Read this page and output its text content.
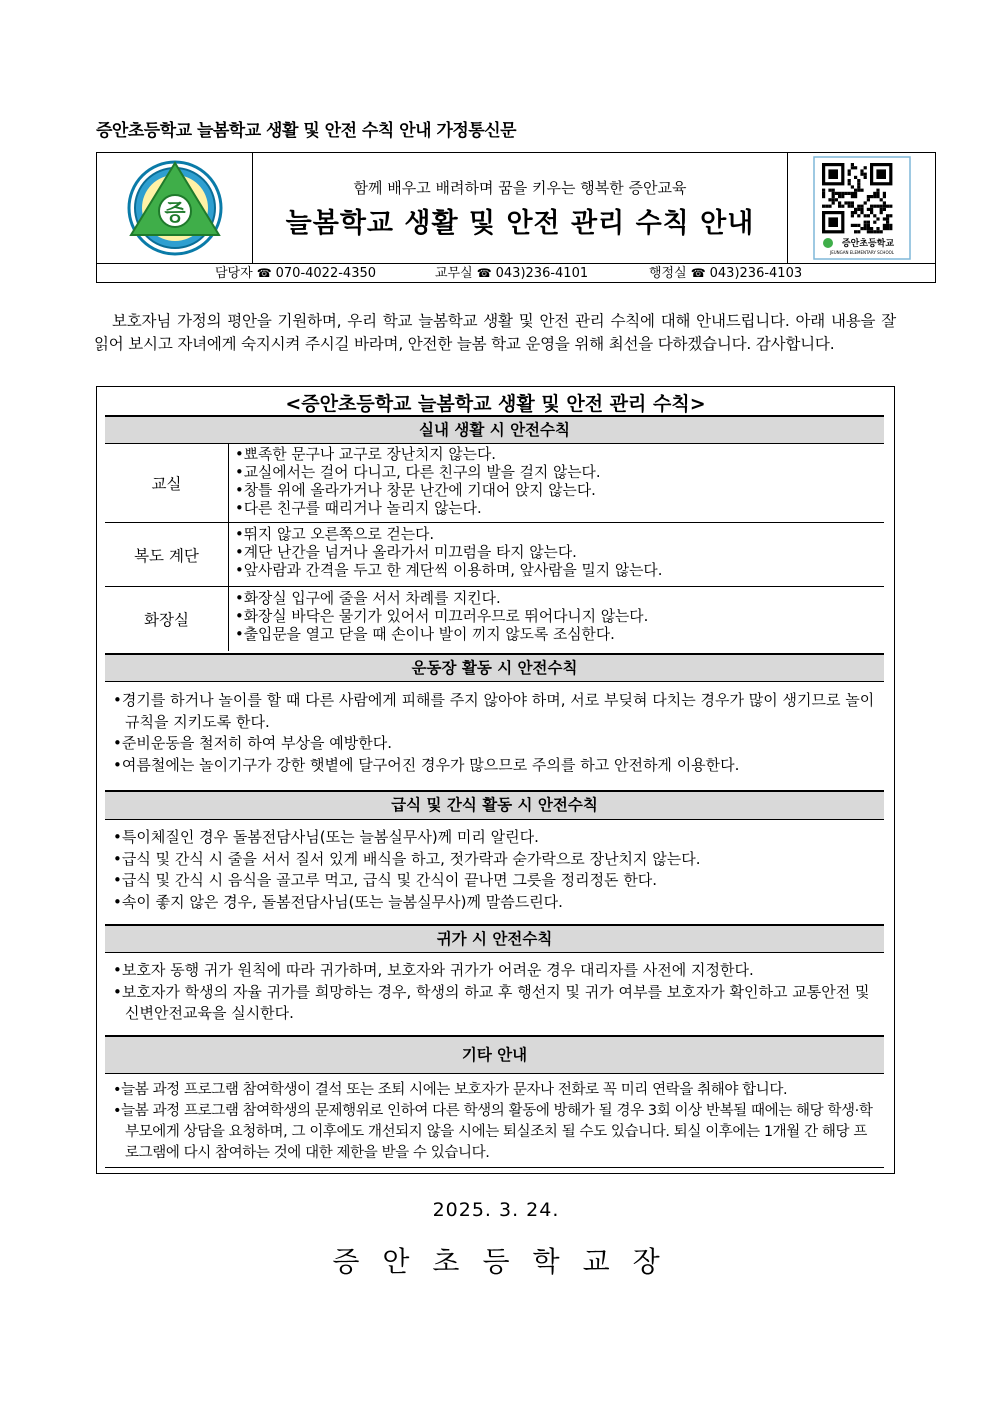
증안초등학교 늘봄학교 생활 및 안전 수칙 안내 가정통신문
증
함께 배우고 배려하며 꿈을 키우는 행복한 증안교육
늘봄학교 생활 및 안전 관리 수칙 안내
증안초등학교
JEUNGAN ELEMENTARY SCHOOL
담당자 ☎ 070-4022-4350	교무실 ☎ 043)236-4101	행정실 ☎ 043)236-4103
보호자님 가정의 평안을 기원하며, 우리 학교 늘봄학교 생활 및 안전 관리 수칙에 대해 안내드립니다. 아래 내용을 잘 읽어 보시고 자녀에게 숙지시켜 주시길 바라며, 안전한 늘봄 학교 운영을 위해 최선을 다하겠습니다. 감사합니다.
<증안초등학교 늘봄학교 생활 및 안전 관리 수칙>
실내 생활 시 안전수칙
교실
•뾰족한 문구나 교구로 장난치지 않는다.
•교실에서는 걸어 다니고, 다른 친구의 발을 걸지 않는다.
•창틀 위에 올라가거나 창문 난간에 기대어 앉지 않는다.
•다른 친구를 때리거나 놀리지 않는다.
복도 계단
•뛰지 않고 오른쪽으로 걷는다.
•계단 난간을 넘거나 올라가서 미끄럼을 타지 않는다.
•앞사람과 간격을 두고 한 계단씩 이용하며, 앞사람을 밀지 않는다.
화장실
•화장실 입구에 줄을 서서 차례를 지킨다.
•화장실 바닥은 물기가 있어서 미끄러우므로 뛰어다니지 않는다.
•출입문을 열고 닫을 때 손이나 발이 끼지 않도록 조심한다.
운동장 활동 시 안전수칙
•경기를 하거나 놀이를 할 때 다른 사람에게 피해를 주지 않아야 하며, 서로 부딪혀 다치는 경우가 많이 생기므로 놀이규칙을 지키도록 한다.
•준비운동을 철저히 하여 부상을 예방한다.
•여름철에는 놀이기구가 강한 햇볕에 달구어진 경우가 많으므로 주의를 하고 안전하게 이용한다.
급식 및 간식 활동 시 안전수칙
•특이체질인 경우 돌봄전담사님(또는 늘봄실무사)께 미리 알린다.
•급식 및 간식 시 줄을 서서 질서 있게 배식을 하고, 젓가락과 숟가락으로 장난치지 않는다.
•급식 및 간식 시 음식을 골고루 먹고, 급식 및 간식이 끝나면 그릇을 정리정돈 한다.
•속이 좋지 않은 경우, 돌봄전담사님(또는 늘봄실무사)께 말씀드린다.
귀가 시 안전수칙
•보호자 동행 귀가 원칙에 따라 귀가하며, 보호자와 귀가가 어려운 경우 대리자를 사전에 지정한다.
•보호자가 학생의 자율 귀가를 희망하는 경우, 학생의 하교 후 행선지 및 귀가 여부를 보호자가 확인하고 교통안전 및 신변안전교육을 실시한다.
기타 안내
•늘봄 과정 프로그램 참여학생이 결석 또는 조퇴 시에는 보호자가 문자나 전화로 꼭 미리 연락을 취해야 합니다.
•늘봄 과정 프로그램 참여학생의 문제행위로 인하여 다른 학생의 활동에 방해가 될 경우 3회 이상 반복될 때에는 해당 학생·학부모에게 상담을 요청하며, 그 이후에도 개선되지 않을 시에는 퇴실조치 될 수도 있습니다. 퇴실 이후에는 1개월 간 해당 프로그램에 다시 참여하는 것에 대한 제한을 받을 수 있습니다.
2025. 3. 24.
증안초등학교장
